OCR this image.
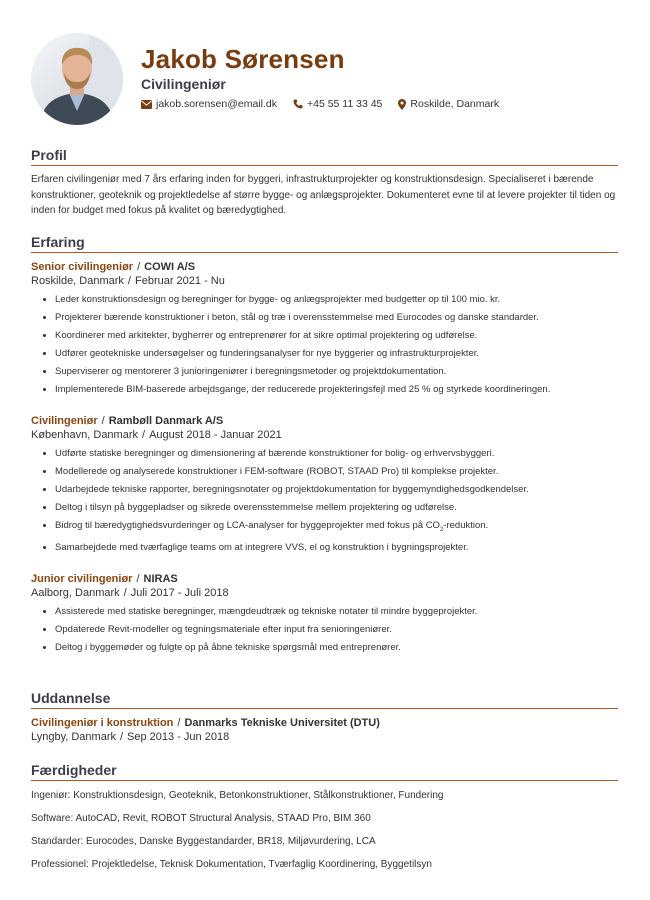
Jakob Sørensen
Civilingeniør
jakob.sorensen@email.dk	+45 55 11 33 45	Roskilde, Danmark
Profil
Erfaren civilingeniør med 7 års erfaring inden for byggeri, infrastrukturprojekter og konstruktionsdesign. Specialiseret i bærende konstruktioner, geoteknik og projektledelse af større bygge- og anlægsprojekter. Dokumenteret evne til at levere projekter til tiden og inden for budget med fokus på kvalitet og bæredygtighed.
Erfaring
Senior civilingeniør / COWI A/S
Roskilde, Danmark / Februar 2021 - Nu
• Leder konstruktionsdesign og beregninger for bygge- og anlægsprojekter med budgetter op til 100 mio. kr.
• Projekterer bærende konstruktioner i beton, stål og træ i overensstemmelse med Eurocodes og danske standarder.
• Koordinerer med arkitekter, bygherrer og entreprenører for at sikre optimal projektering og udførelse.
• Udfører geotekniske undersøgelser og funderingsanalyser for nye byggerier og infrastrukturprojekter.
• Superviserer og mentorerer 3 junioringeniører i beregningsmetoder og projektdokumentation.
• Implementerede BIM-baserede arbejdsgange, der reducerede projekteringsfejl med 25 % og styrkede koordineringen.
Civilingeniør / Rambøll Danmark A/S
København, Danmark / August 2018 - Januar 2021
• Udførte statiske beregninger og dimensionering af bærende konstruktioner for bolig- og erhvervsbyggeri.
• Modellerede og analyserede konstruktioner i FEM-software (ROBOT, STAAD Pro) til komplekse projekter.
• Udarbejdede tekniske rapporter, beregningsnotater og projektdokumentation for byggemyndighedsgodkendelser.
• Deltog i tilsyn på byggepladser og sikrede overensstemmelse mellem projektering og udførelse.
• Bidrog til bæredygtighedsvurderinger og LCA-analyser for byggeprojekter med fokus på $CO_2$-reduktion.
• Samarbejdede med tværfaglige teams om at integrere VVS, el og konstruktion i bygningsprojekter.
Junior civilingeniør / NIRAS
Aalborg, Danmark / Juli 2017 - Juli 2018
• Assisterede med statiske beregninger, mængdeudtræk og tekniske notater til mindre byggeprojekter.
• Opdaterede Revit-modeller og tegningsmateriale efter input fra senioringeniører.
• Deltog i byggemøder og fulgte op på åbne tekniske spørgsmål med entreprenører.
Uddannelse
Civilingeniør i konstruktion / Danmarks Tekniske Universitet (DTU)
Lyngby, Danmark / Sep 2013 - Jun 2018
Færdigheder
Ingeniør: Konstruktionsdesign, Geoteknik, Betonkonstruktioner, Stålkonstruktioner, Fundering
Software: AutoCAD, Revit, ROBOT Structural Analysis, STAAD Pro, BIM 360
Standarder: Eurocodes, Danske Byggestandarder, BR18, Miljøvurdering, LCA
Professionel: Projektledelse, Teknisk Dokumentation, Tværfaglig Koordinering, Byggetilsyn
